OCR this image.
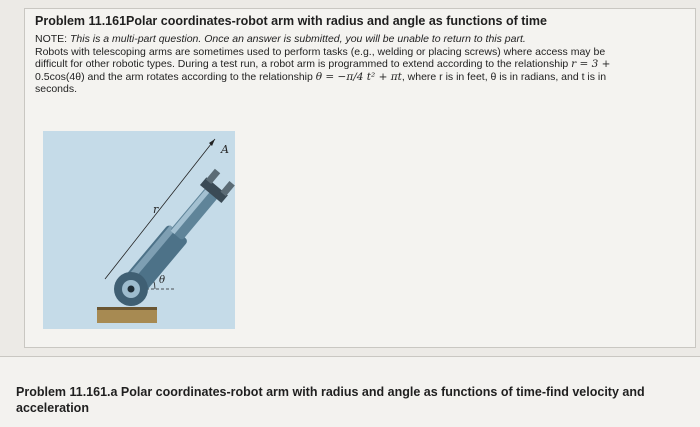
Problem 11.161Polar coordinates-robot arm with radius and angle as functions of time

NOTE: This is a multi-part question. Once an answer is submitted, you will be unable to return to this part.

Robots with telescoping arms are sometimes used to perform tasks (e.g., welding or placing screws) where access may be

difficult for other robotic types. During a test run, a robot arm is programmed to extend according to the relationship r = 3 +

0.5cos(4θ) and the arm rotates according to the relationship θ = −π/4 t² + πt, where r is in feet, θ is in radians, and t is in

seconds.

A
r
θ
Problem 11.161.a Polar coordinates-robot arm with radius and angle as functions of time-find velocity and acceleration
